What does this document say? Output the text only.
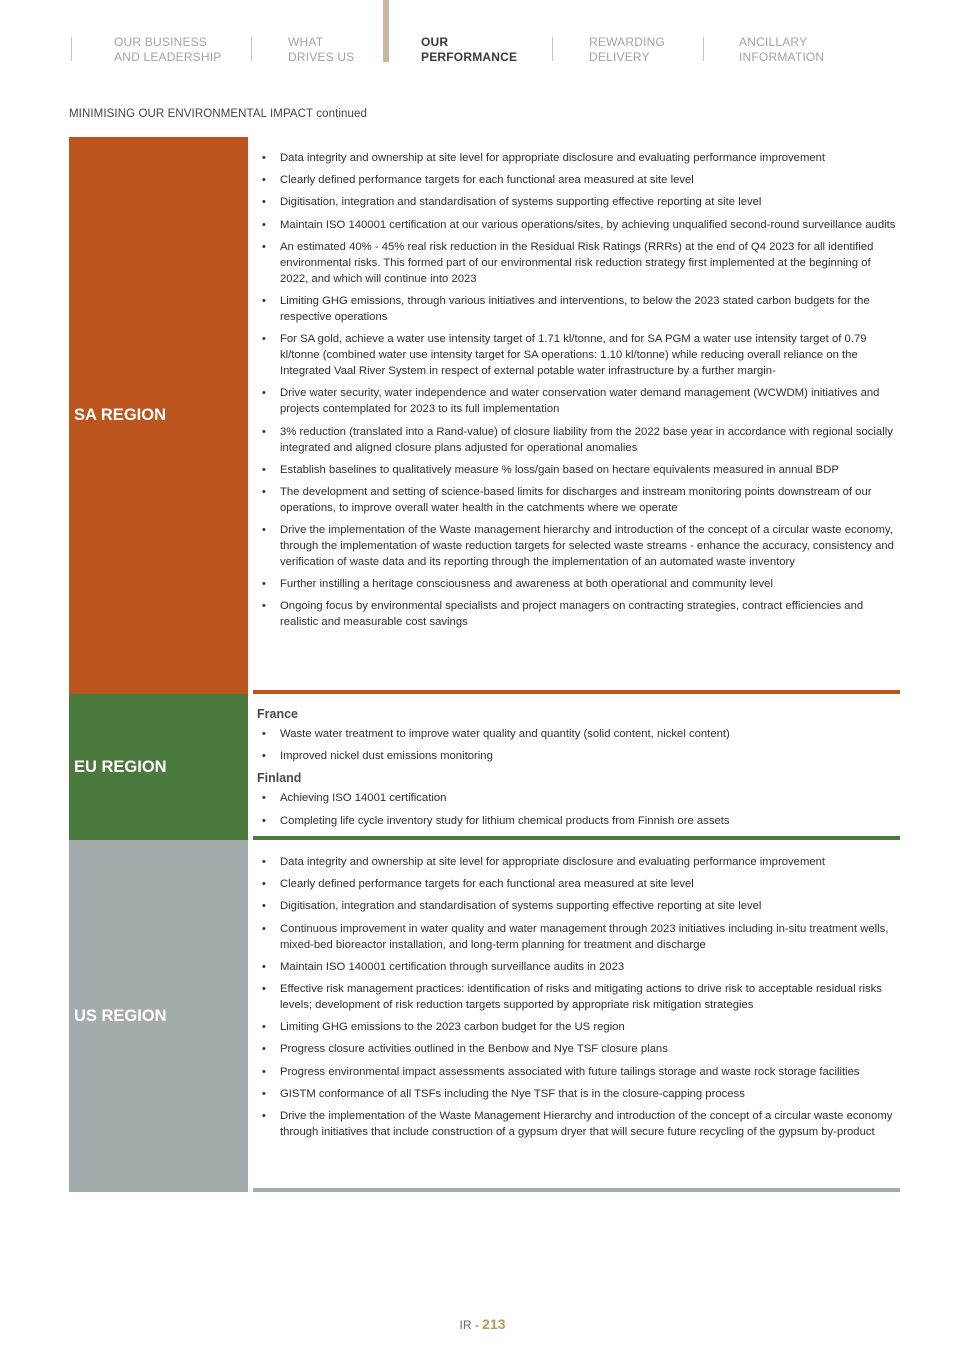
OUR BUSINESS
AND LEADERSHIP
WHAT
DRIVES US
OUR
PERFORMANCE
REWARDING
DELIVERY
ANCILLARY
INFORMATION
MINIMISING OUR ENVIRONMENTAL IMPACT continued
SA REGION
• Data integrity and ownership at site level for appropriate disclosure and evaluating performance improvement
• Clearly defined performance targets for each functional area measured at site level
• Digitisation, integration and standardisation of systems supporting effective reporting at site level
• Maintain ISO 140001 certification at our various operations/sites, by achieving unqualified second-round surveillance audits
• An estimated 40% - 45% real risk reduction in the Residual Risk Ratings (RRRs) at the end of Q4 2023 for all identified environmental risks. This formed part of our environmental risk reduction strategy first implemented at the beginning of 2022, and which will continue into 2023
• Limiting GHG emissions, through various initiatives and interventions, to below the 2023 stated carbon budgets for the respective operations
• For SA gold, achieve a water use intensity target of 1.71 kl/tonne, and for SA PGM a water use intensity target of 0.79 kl/tonne (combined water use intensity target for SA operations: 1.10 kl/tonne) while reducing overall reliance on the Integrated Vaal River System in respect of external potable water infrastructure by a further margin-
• Drive water security, water independence and water conservation water demand management (WCWDM) initiatives and projects contemplated for 2023 to its full implementation
• 3% reduction (translated into a Rand-value) of closure liability from the 2022 base year in accordance with regional socially integrated and aligned closure plans adjusted for operational anomalies
• Establish baselines to qualitatively measure % loss/gain based on hectare equivalents measured in annual BDP
• The development and setting of science-based limits for discharges and instream monitoring points downstream of our operations, to improve overall water health in the catchments where we operate
• Drive the implementation of the Waste management hierarchy and introduction of the concept of a circular waste economy, through the implementation of waste reduction targets for selected waste streams - enhance the accuracy, consistency and verification of waste data and its reporting through the implementation of an automated waste inventory
• Further instilling a heritage consciousness and awareness at both operational and community level
• Ongoing focus by environmental specialists and project managers on contracting strategies, contract efficiencies and realistic and measurable cost savings
EU REGION
France
• Waste water treatment to improve water quality and quantity (solid content, nickel content)
• Improved nickel dust emissions monitoring
Finland
• Achieving ISO 14001 certification
• Completing life cycle inventory study for lithium chemical products from Finnish ore assets
US REGION
• Data integrity and ownership at site level for appropriate disclosure and evaluating performance improvement
• Clearly defined performance targets for each functional area measured at site level
• Digitisation, integration and standardisation of systems supporting effective reporting at site level
• Continuous improvement in water quality and water management through 2023 initiatives including in-situ treatment wells, mixed-bed bioreactor installation, and long-term planning for treatment and discharge
• Maintain ISO 140001 certification through surveillance audits in 2023
• Effective risk management practices: identification of risks and mitigating actions to drive risk to acceptable residual risks levels; development of risk reduction targets supported by appropriate risk mitigation strategies
• Limiting GHG emissions to the 2023 carbon budget for the US region
• Progress closure activities outlined in the Benbow and Nye TSF closure plans
• Progress environmental impact assessments associated with future tailings storage and waste rock storage facilities
• GISTM conformance of all TSFs including the Nye TSF that is in the closure-capping process
• Drive the implementation of the Waste Management Hierarchy and introduction of the concept of a circular waste economy through initiatives that include construction of a gypsum dryer that will secure future recycling of the gypsum by-product
IR - 213
